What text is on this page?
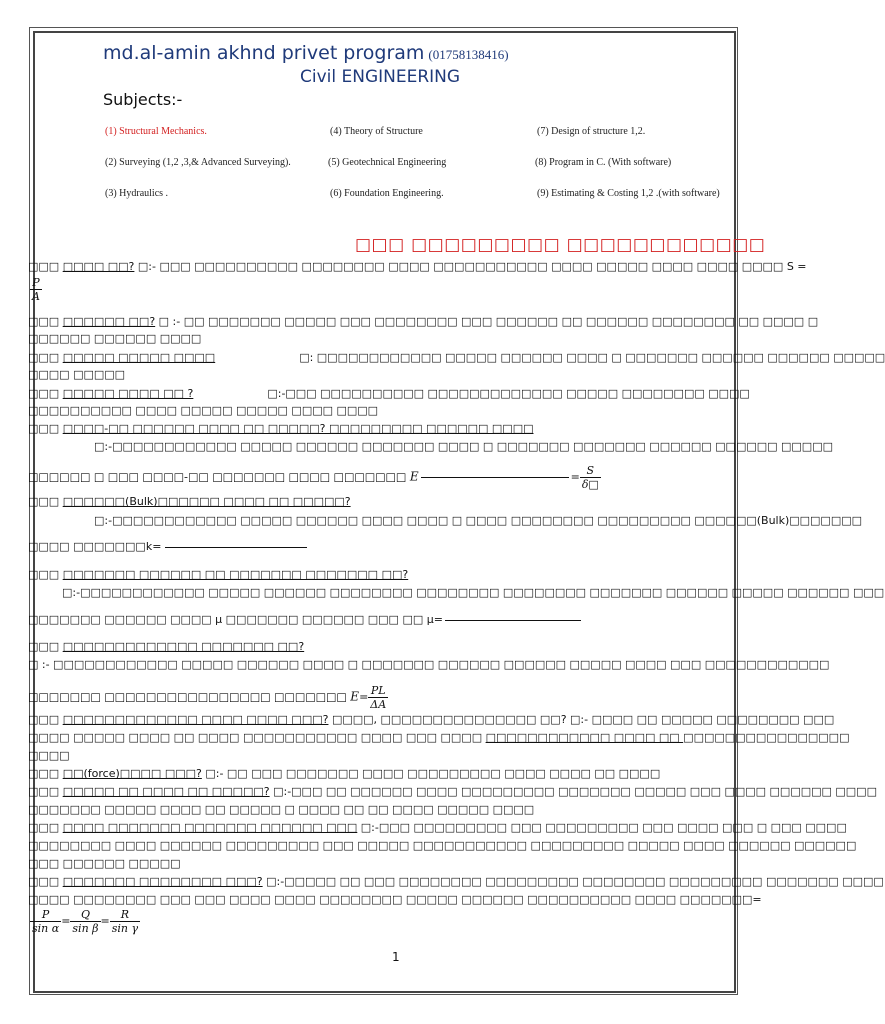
md.al-amin akhnd privet program (01758138416)
Civil ENGINEERING
Subjects:-
(1) Structural Mechanics.	(4) Theory of Structure	(7) Design of structure 1,2.
(2) Surveying (1,2 ,3,& Advanced Surveying).	(5) Geotechnical Engineering	(8) Program in C. (With software)
(3) Hydraulics .	(6) Foundation Engineering.	(9) Estimating & Costing 1,2 .(with software)
□□□ □□□□□□□□□ □□□□□□□□□□□□
□□□ □□□□ □□? □:- □□□ □□□□□□□□□□ □□□□□□□□ □□□□ □□□□□□□□□□□ □□□□ □□□□□ □□□□ □□□□ □□□□ S =
$\frac{P}{A}$
□□□ □□□□□□ □□? □ :- □□ □□□□□□□ □□□□□ □□□ □□□□□□□□ □□□ □□□□□□ □□ □□□□□□ □□□□□□□□ □□ □□□□ □
□□□□□□ □□□□□□ □□□□
□□□ □□□□□ □□□□□ □□□□	□: □□□□□□□□□□□□ □□□□□ □□□□□□ □□□□ □ □□□□□□□ □□□□□□ □□□□□□ □□□□□
□□□□ □□□□□
□□□ □□□□□ □□□□ □□ ?	□:-□□□ □□□□□□□□□□ □□□□□□□□□□□□□ □□□□□ □□□□□□□□ □□□□
□□□□□□□□□□ □□□□ □□□□□ □□□□□ □□□□ □□□□
□□□ □□□□-□□ □□□□□□ □□□□ □□ □□□□□? □□□□□□□□□ □□□□□□ □□□□
□:-□□□□□□□□□□□□ □□□□□ □□□□□□ □□□□□□□ □□□□ □ □□□□□□□ □□□□□□□ □□□□□□ □□□□□□ □□□□□
□□□□□□ □ □□□ □□□□-□□ □□□□□□□ □□□□ □□□□□□□ E	= $\frac{S}{\delta□}$
□□□ □□□□□□(Bulk)□□□□□□ □□□□ □□ □□□□□?
□:-□□□□□□□□□□□□ □□□□□ □□□□□□ □□□□ □□□□ □ □□□□ □□□□□□□□ □□□□□□□□□ □□□□□□(Bulk)□□□□□□□
□□□□ □□□□□□□k=
□□□ □□□□□□□ □□□□□□ □□ □□□□□□□ □□□□□□□ □□?
□:-□□□□□□□□□□□□ □□□□□ □□□□□□ □□□□□□□□ □□□□□□□□ □□□□□□□□ □□□□□□□ □□□□□□ □□□□□ □□□□□□ □□□
□□□□□□□ □□□□□□ □□□□ μ □□□□□□□ □□□□□□ □□□ □□ μ=
□□□ □□□□□□□□□□□□□ □□□□□□□ □□?
□ :- □□□□□□□□□□□□ □□□□□ □□□□□□ □□□□ □ □□□□□□□ □□□□□□ □□□□□□ □□□□□ □□□□ □□□ □□□□□□□□□□□□
□□□□□□□ □□□□□□□□□□□□□□□□ □□□□□□□ $E= \frac{PL}{\Delta A}$
□□□ □□□□□□□□□□□□□ □□□□ □□□□ □□□? □□□□, □□□□□□□□□□□□□□□ □□? □:- □□□□ □□ □□□□□ □□□□□□□□ □□□
□□□□ □□□□□ □□□□ □□ □□□□ □□□□□□□□□□□ □□□□ □□□ □□□□ □□□□□□□□□□□□ □□□□ □□ □□□□□□□□□□□□□□□□
□□□□
□□□ □□(force)□□□□ □□□? □:- □□ □□□ □□□□□□□ □□□□ □□□□□□□□□ □□□□ □□□□ □□ □□□□
□□□ □□□□□ □□ □□□□ □□ □□□□□? □:-□□□ □□ □□□□□□ □□□□ □□□□□□□□□ □□□□□□□ □□□□□ □□□ □□□□ □□□□□□ □□□□
□□□□□□□ □□□□□ □□□□ □□ □□□□□ □ □□□□ □□ □□ □□□□ □□□□□ □□□□
□□□ □□□□ □□□□□□□ □□□□□□□ □□□□□□ □□□ □:-□□□ □□□□□□□□□ □□□ □□□□□□□□□ □□□ □□□□ □□□ □ □□□ □□□□
□□□□□□□□ □□□□ □□□□□□ □□□□□□□□□ □□□ □□□□□ □□□□□□□□□□□ □□□□□□□□□ □□□□□ □□□□ □□□□□□ □□□□□□
□□□ □□□□□□ □□□□□
□□□ □□□□□□□ □□□□□□□□ □□□? □:-□□□□□ □□ □□□ □□□□□□□□ □□□□□□□□□ □□□□□□□□ □□□□□□□□□ □□□□□□□ □□□□
□□□□ □□□□□□□□ □□□ □□□ □□□□ □□□□ □□□□□□□□ □□□□□ □□□□□□ □□□□□□□□□□ □□□□ □□□□□□□=
$\frac{P}{\text{sin α}} = \frac{Q}{\text{sin β}} = \frac{R}{\text{sin γ}}$
1
